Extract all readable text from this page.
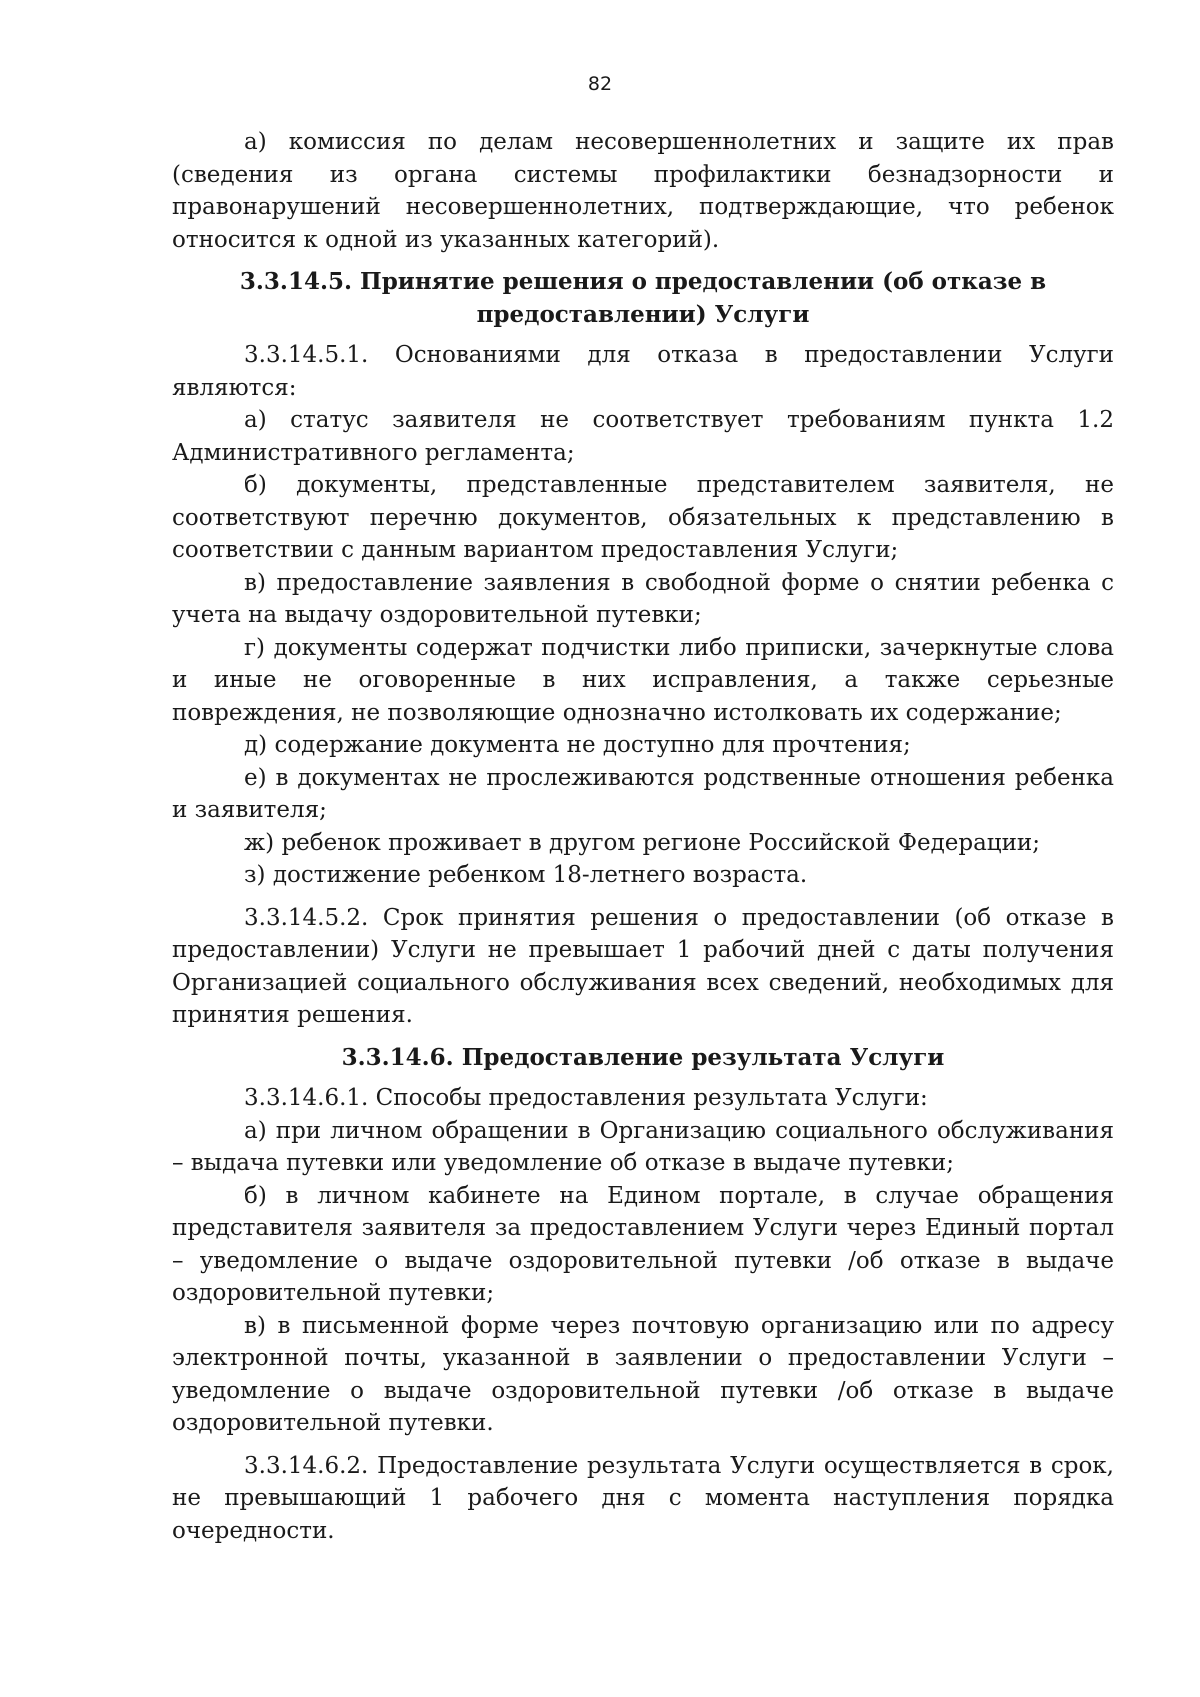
82

а) комиссия по делам несовершеннолетних и защите их прав (сведения из органа системы профилактики безнадзорности и правонарушений несовершеннолетних, подтверждающие, что ребенок относится к одной из указанных категорий).

3.3.14.5. Принятие решения о предоставлении (об отказе в
предоставлении) Услуги

3.3.14.5.1. Основаниями для отказа в предоставлении Услуги являются:

а) статус заявителя не соответствует требованиям пункта 1.2 Административного регламента;

б) документы, представленные представителем заявителя, не соответствуют перечню документов, обязательных к представлению в соответствии с данным вариантом предоставления Услуги;

в) предоставление заявления в свободной форме о снятии ребенка с учета на выдачу оздоровительной путевки;

г) документы содержат подчистки либо приписки, зачеркнутые слова и иные не оговоренные в них исправления, а также серьезные повреждения, не позволяющие однозначно истолковать их содержание;

д) содержание документа не доступно для прочтения;

е) в документах не прослеживаются родственные отношения ребенка и заявителя;

ж) ребенок проживает в другом регионе Российской Федерации;

з) достижение ребенком 18-летнего возраста.

3.3.14.5.2. Срок принятия решения о предоставлении (об отказе в предоставлении) Услуги не превышает 1 рабочий дней с даты получения Организацией социального обслуживания всех сведений, необходимых для принятия решения.

3.3.14.6. Предоставление результата Услуги

3.3.14.6.1. Способы предоставления результата Услуги:

а) при личном обращении в Организацию социального обслуживания – выдача путевки или уведомление об отказе в выдаче путевки;

б) в личном кабинете на Едином портале, в случае обращения представителя заявителя за предоставлением Услуги через Единый портал – уведомление о выдаче оздоровительной путевки /об отказе в выдаче оздоровительной путевки;

в) в письменной форме через почтовую организацию или по адресу электронной почты, указанной в заявлении о предоставлении Услуги – уведомление о выдаче оздоровительной путевки /об отказе в выдаче оздоровительной путевки.

3.3.14.6.2. Предоставление результата Услуги осуществляется в срок, не превышающий 1 рабочего дня с момента наступления порядка очередности.
